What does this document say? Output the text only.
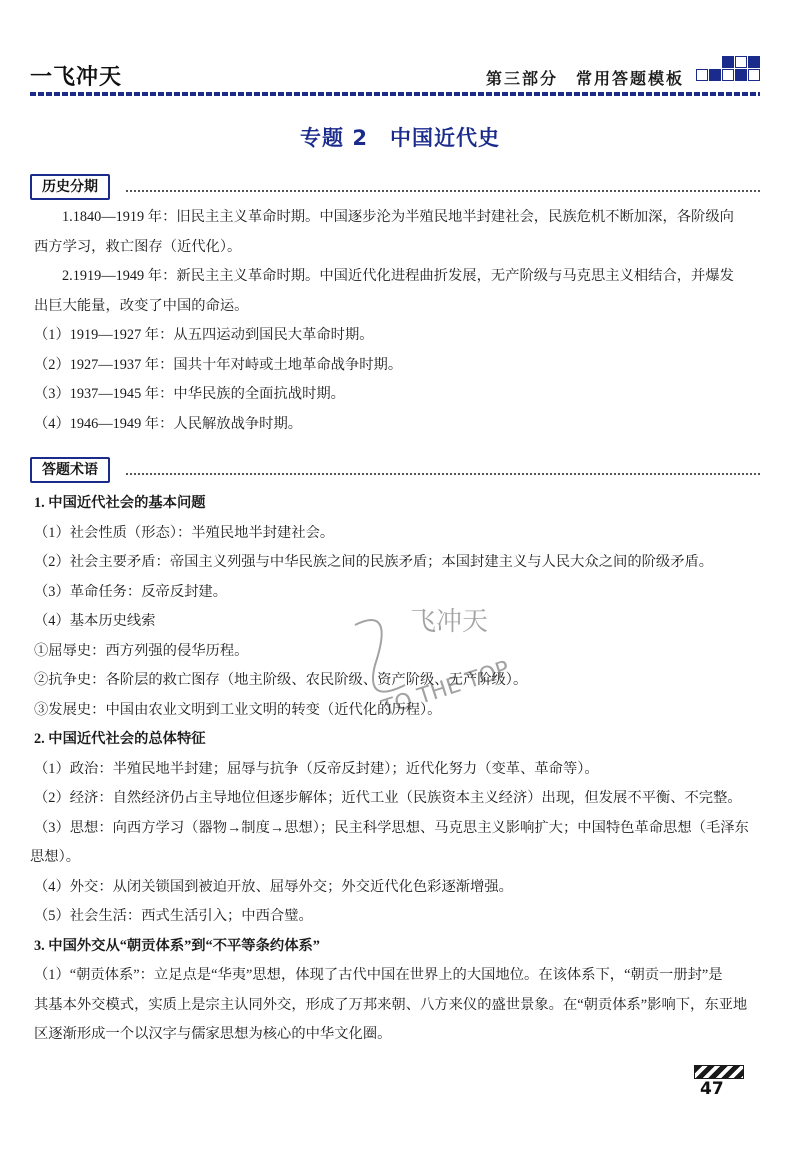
一飞冲天	第三部分　常用答题模板
专题 2　中国近代史
历史分期

1.1840—1919 年：旧民主主义革命时期。中国逐步沦为半殖民地半封建社会，民族危机不断加深，各阶级向

西方学习，救亡图存（近代化）。

2.1919—1949 年：新民主主义革命时期。中国近代化进程曲折发展，无产阶级与马克思主义相结合，并爆发

出巨大能量，改变了中国的命运。

（1）1919—1927 年：从五四运动到国民大革命时期。

（2）1927—1937 年：国共十年对峙或土地革命战争时期。

（3）1937—1945 年：中华民族的全面抗战时期。

（4）1946—1949 年：人民解放战争时期。

答题术语

1. 中国近代社会的基本问题

（1）社会性质（形态）：半殖民地半封建社会。

（2）社会主要矛盾：帝国主义列强与中华民族之间的民族矛盾；本国封建主义与人民大众之间的阶级矛盾。

（3）革命任务：反帝反封建。

（4）基本历史线索

①屈辱史：西方列强的侵华历程。

②抗争史：各阶层的救亡图存（地主阶级、农民阶级、资产阶级、无产阶级）。

③发展史：中国由农业文明到工业文明的转变（近代化的历程）。

2. 中国近代社会的总体特征

（1）政治：半殖民地半封建；屈辱与抗争（反帝反封建）；近代化努力（变革、革命等）。

（2）经济：自然经济仍占主导地位但逐步解体；近代工业（民族资本主义经济）出现，但发展不平衡、不完整。

（3）思想：向西方学习（器物→制度→思想）；民主科学思想、马克思主义影响扩大；中国特色革命思想（毛泽东

思想）。

（4）外交：从闭关锁国到被迫开放、屈辱外交；外交近代化色彩逐渐增强。

（5）社会生活：西式生活引入；中西合璧。

3. 中国外交从“朝贡体系”到“不平等条约体系”

（1）“朝贡体系”：立足点是“华夷”思想，体现了古代中国在世界上的大国地位。在该体系下，“朝贡一册封”是

其基本外交模式，实质上是宗主认同外交，形成了万邦来朝、八方来仪的盛世景象。在“朝贡体系”影响下，东亚地

区逐渐形成一个以汉字与儒家思想为核心的中华文化圈。

飞冲天
TO THE TOP
47
